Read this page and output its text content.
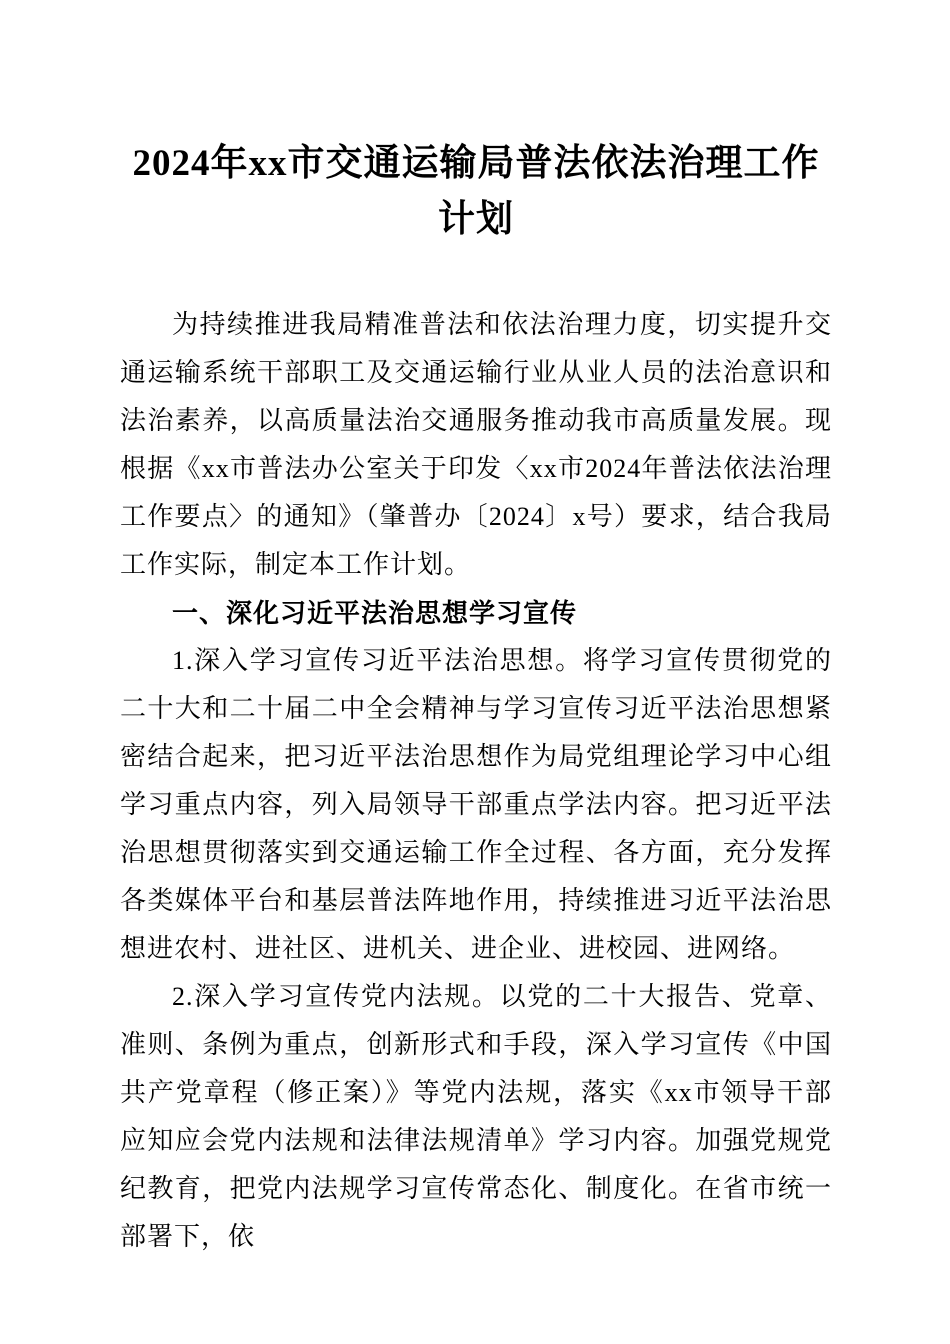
2024年xx市交通运输局普法依法治理工作计划

为持续推进我局精准普法和依法治理力度，切实提升交通运输系统干部职工及交通运输行业从业人员的法治意识和法治素养，以高质量法治交通服务推动我市高质量发展。现根据《xx市普法办公室关于印发〈xx市2024年普法依法治理工作要点〉的通知》（肇普办〔2024〕x号）要求，结合我局工作实际，制定本工作计划。

一、深化习近平法治思想学习宣传

1.深入学习宣传习近平法治思想。将学习宣传贯彻党的二十大和二十届二中全会精神与学习宣传习近平法治思想紧密结合起来，把习近平法治思想作为局党组理论学习中心组学习重点内容，列入局领导干部重点学法内容。把习近平法治思想贯彻落实到交通运输工作全过程、各方面，充分发挥各类媒体平台和基层普法阵地作用，持续推进习近平法治思想进农村、进社区、进机关、进企业、进校园、进网络。

2.深入学习宣传党内法规。以党的二十大报告、党章、准则、条例为重点，创新形式和手段，深入学习宣传《中国共产党章程（修正案）》等党内法规，落实《xx市领导干部应知应会党内法规和法律法规清单》学习内容。加强党规党纪教育，把党内法规学习宣传常态化、制度化。在省市统一部署下，依
